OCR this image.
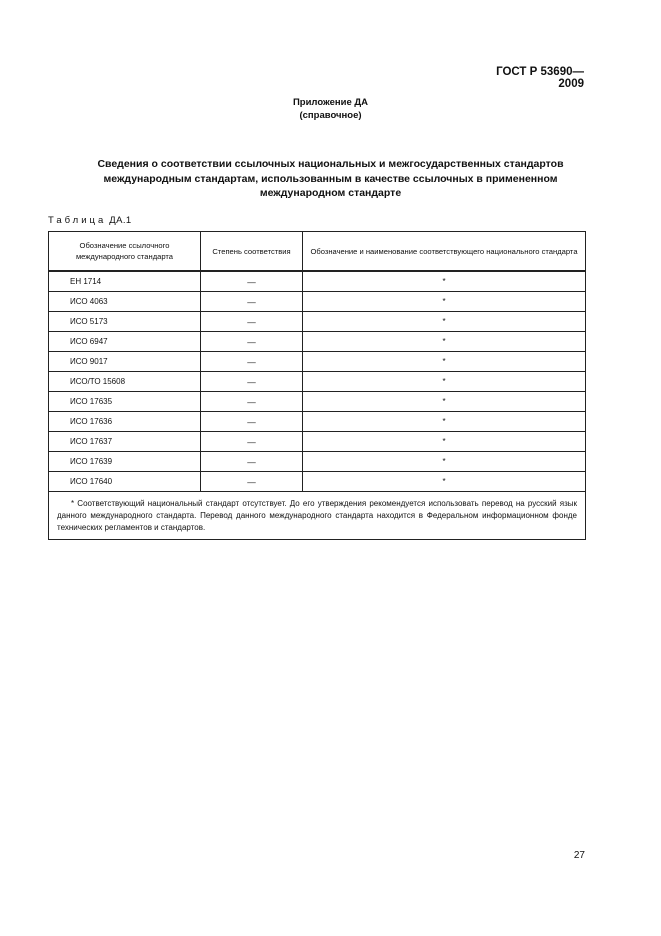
ГОСТ Р 53690—2009
Приложение ДА
(справочное)
Сведения о соответствии ссылочных национальных и межгосударственных стандартов
международным стандартам, использованным в качестве ссылочных в примененном
международном стандарте
Таблица ДА.1
Обозначение ссылочного международного стандарта	Степень соответствия	Обозначение и наименование соответствующего национального стандарта
ЕН 1714	—	*
ИСО 4063	—	*
ИСО 5173	—	*
ИСО 6947	—	*
ИСО 9017	—	*
ИСО/ТО 15608	—	*
ИСО 17635	—	*
ИСО 17636	—	*
ИСО 17637	—	*
ИСО 17639	—	*
ИСО 17640	—	*
* Соответствующий национальный стандарт отсутствует. До его утверждения рекомендуется использовать перевод на русский язык данного международного стандарта. Перевод данного международного стандарта находится в Федеральном информационном фонде технических регламентов и стандартов.		
27
